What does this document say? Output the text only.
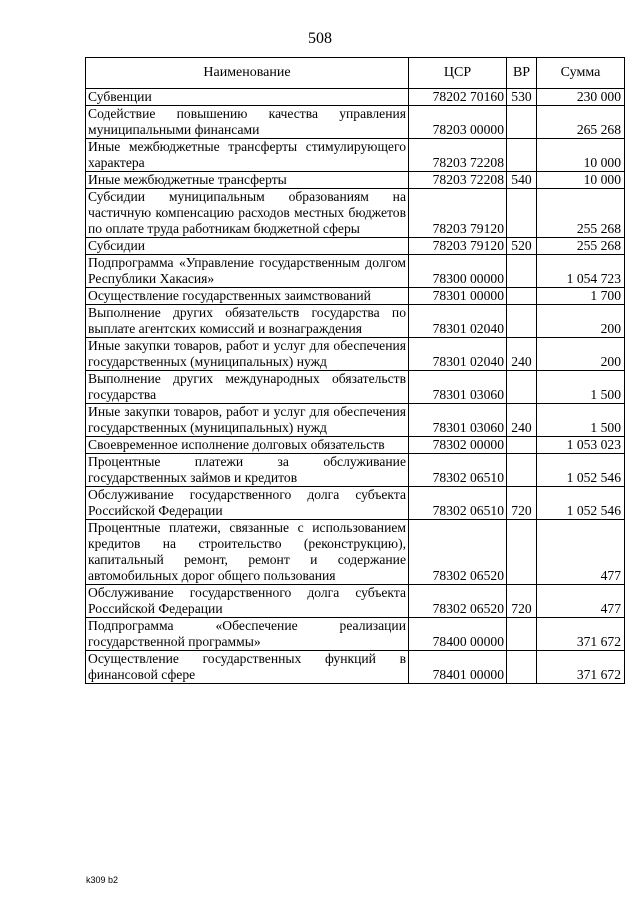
508
Наименование	ЦСР	ВР	Сумма
Субвенции	78202 70160	530	230 000
Содействие повышению качества управления муниципальными финансами	78203 00000		265 268
Иные межбюджетные трансферты стимулирующего характера	78203 72208		10 000
Иные межбюджетные трансферты	78203 72208	540	10 000
Субсидии муниципальным образованиям на частичную компенсацию расходов местных бюджетов по оплате труда работникам бюджетной сферы	78203 79120		255 268
Субсидии	78203 79120	520	255 268
Подпрограмма «Управление государственным долгом Республики Хакасия»	78300 00000		1 054 723
Осуществление государственных заимствований	78301 00000		1 700
Выполнение других обязательств государства по выплате агентских комиссий и вознаграждения	78301 02040		200
Иные закупки товаров, работ и услуг для обеспечения государственных (муниципальных) нужд	78301 02040	240	200
Выполнение других международных обязательств государства	78301 03060		1 500
Иные закупки товаров, работ и услуг для обеспечения государственных (муниципальных) нужд	78301 03060	240	1 500
Своевременное исполнение долговых обязательств	78302 00000		1 053 023
Процентные платежи за обслуживание государственных займов и кредитов	78302 06510		1 052 546
Обслуживание государственного долга субъекта Российской Федерации	78302 06510	720	1 052 546
Процентные платежи, связанные с использованием кредитов на строительство (реконструкцию), капитальный ремонт, ремонт и содержание автомобильных дорог общего пользования	78302 06520		477
Обслуживание государственного долга субъекта Российской Федерации	78302 06520	720	477
Подпрограмма «Обеспечение реализации государственной программы»	78400 00000		371 672
Осуществление государственных функций в финансовой сфере	78401 00000		371 672
k309 b2
